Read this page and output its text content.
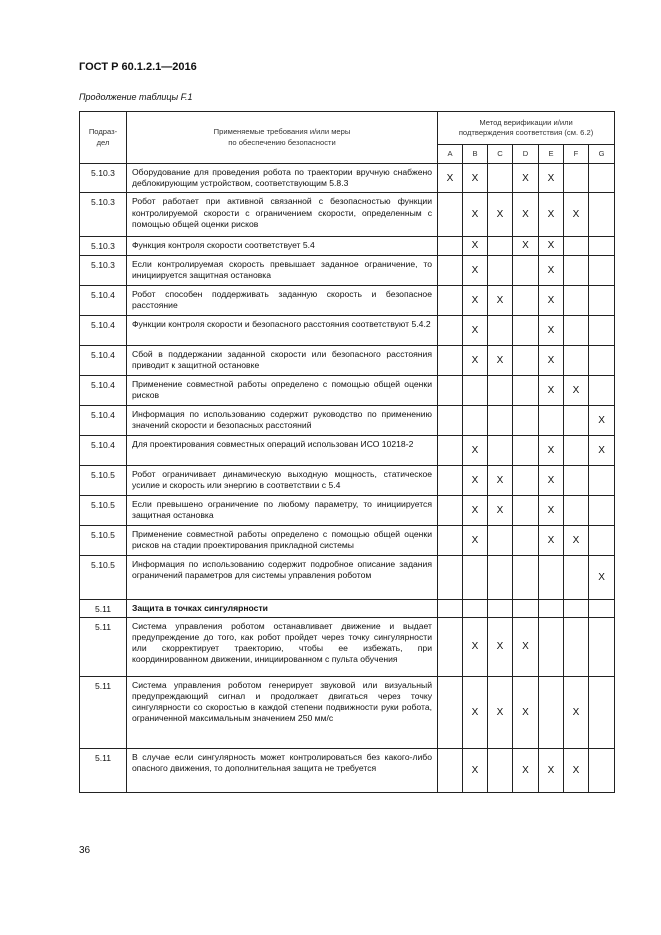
ГОСТ Р 60.1.2.1—2016
Продолжение таблицы F.1
Подраз-
дел	Применяемые требования и/или меры
по обеспечению безопасности	Метод верификации и/или
подтверждения соответствия (см. 6.2)						
		A	B	C	D	E	F	G
5.10.3	Оборудование для проведения робота по траектории вручную снабжено деблокирующим устройством, соответствующим 5.8.3	X	X		X	X		
5.10.3	Робот работает при активной связанной с безопасностью функции контролируемой скорости с ограничением скорости, определенным с помощью общей оценки рисков		X	X	X	X	X	
5.10.3	Функция контроля скорости соответствует 5.4		X		X	X		
5.10.3	Если контролируемая скорость превышает заданное ограничение, то инициируется защитная остановка		X			X		
5.10.4	Робот способен поддерживать заданную скорость и безопасное расстояние		X	X		X		
5.10.4	Функции контроля скорости и безопасного расстояния соответствуют 5.4.2		X			X		
5.10.4	Сбой в поддержании заданной скорости или безопасного расстояния приводит к защитной остановке		X	X		X		
5.10.4	Применение совместной работы определено с помощью общей оценки рисков					X	X	
5.10.4	Информация по использованию содержит руководство по применению значений скорости и безопасных расстояний							X
5.10.4	Для проектирования совместных операций использован ИСО 10218-2		X			X		X
5.10.5	Робот ограничивает динамическую выходную мощность, статическое усилие и скорость или энергию в соответствии с 5.4		X	X		X		
5.10.5	Если превышено ограничение по любому параметру, то инициируется защитная остановка		X	X		X		
5.10.5	Применение совместной работы определено с помощью общей оценки рисков на стадии проектирования прикладной системы		X			X	X	
5.10.5	Информация по использованию содержит подробное описание задания ограничений параметров для системы управления роботом							X
5.11	Защита в точках сингулярности							
5.11	Система управления роботом останавливает движение и выдает предупреждение до того, как робот пройдет через точку сингулярности или скорректирует траекторию, чтобы ее избежать, при координированном движении, инициированном с пульта обучения		X	X	X			
5.11	Система управления роботом генерирует звуковой или визуальный предупреждающий сигнал и продолжает двигаться через точку сингулярности со скоростью в каждой степени подвижности руки робота, ограниченной максимальным значением 250 мм/с		X	X	X		X	
5.11	В случае если сингулярность может контролироваться без какого-либо опасного движения, то дополнительная защита не требуется		X		X	X	X	
36
